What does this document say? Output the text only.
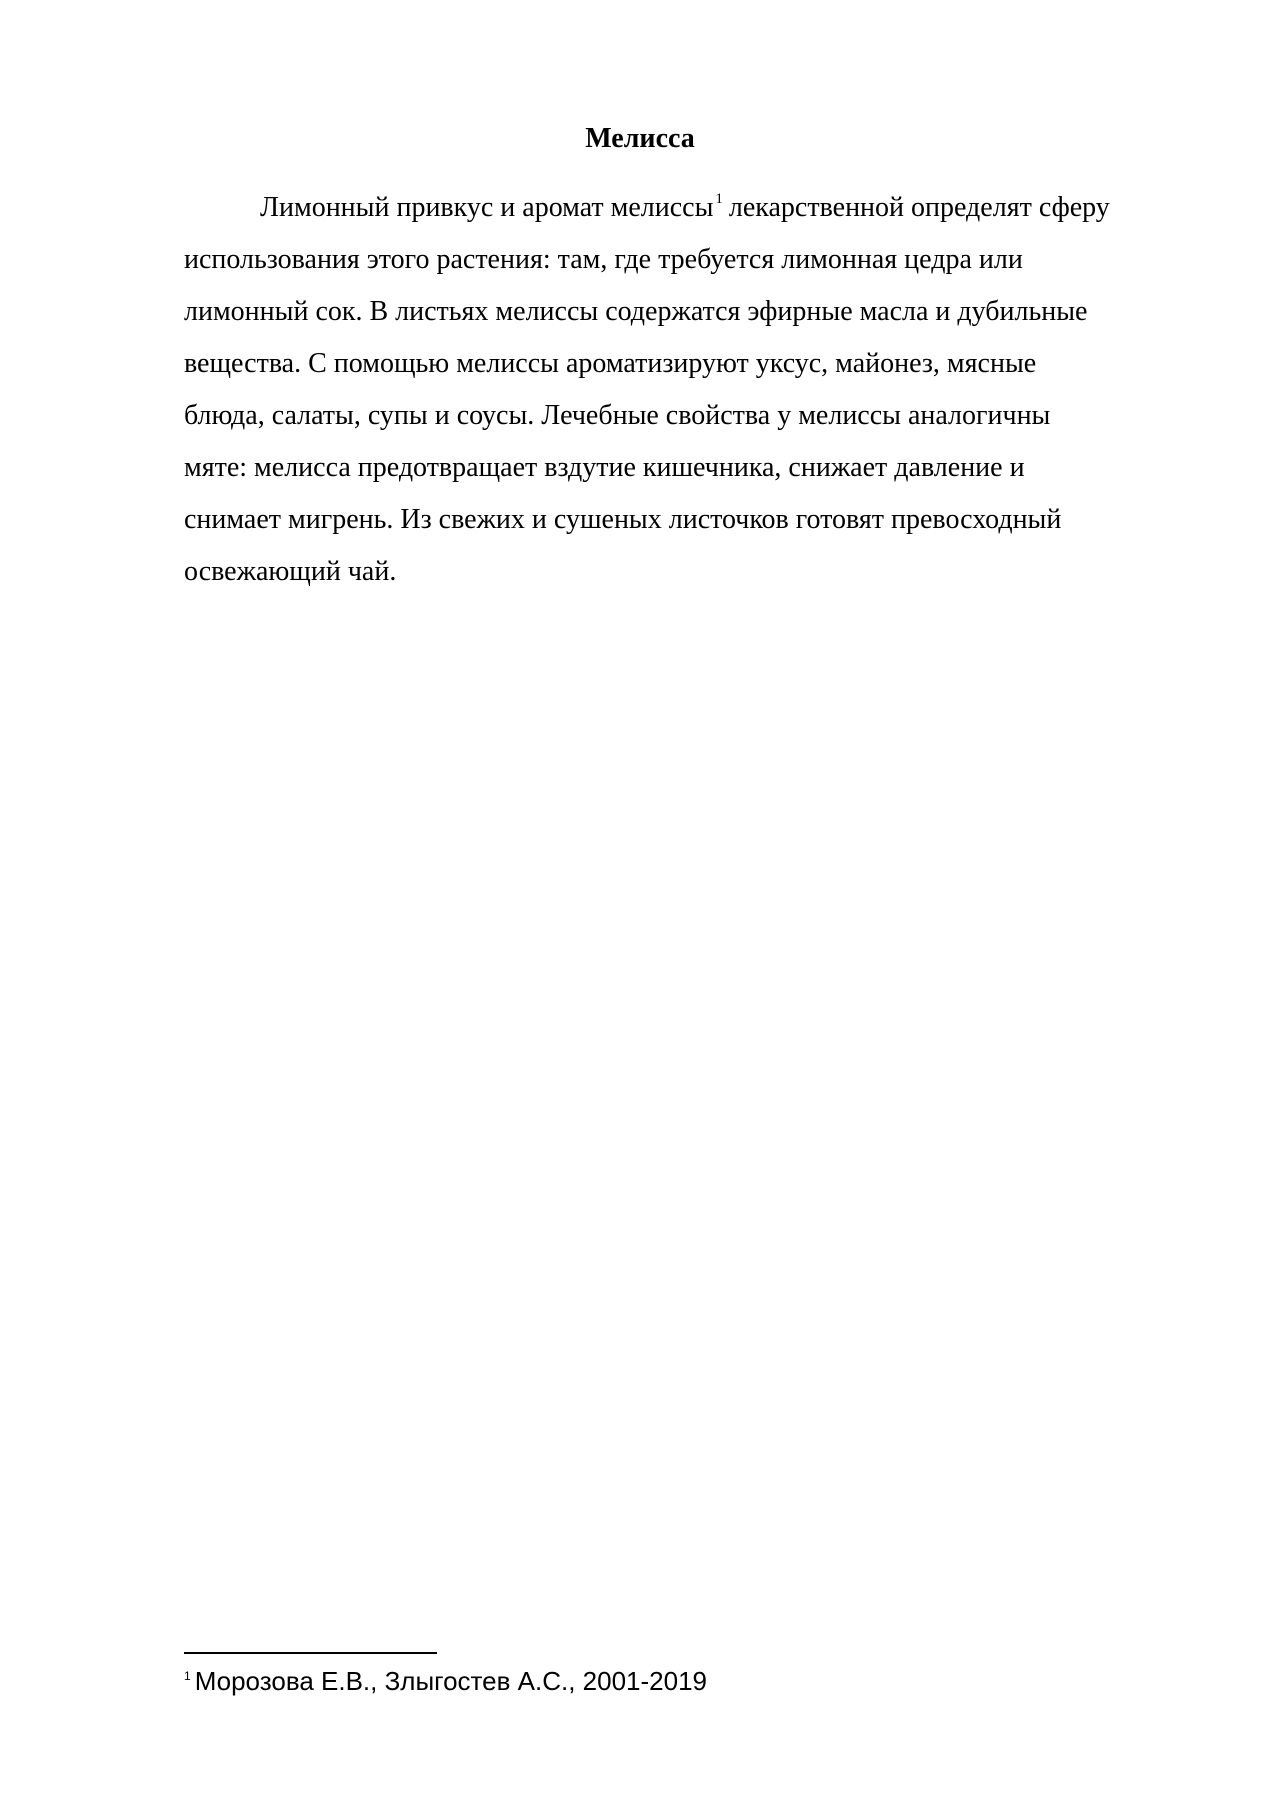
Мелисса
Лимонный привкус и аромат мелиссы $^1$ лекарственной определят сферу
использования этого растения: там, где требуется лимонная цедра или
лимонный сок. В листьях мелиссы содержатся эфирные масла и дубильные
вещества. С помощью мелиссы ароматизируют уксус, майонез, мясные
блюда, салаты, супы и соусы. Лечебные свойства у мелиссы аналогичны
мяте: мелисса предотвращает вздутие кишечника, снижает давление и
снимает мигрень. Из свежих и сушеных листочков готовят превосходный
освежающий чай.
$^1$ Морозова Е.В., Злыгостев А.С., 2001-2019
